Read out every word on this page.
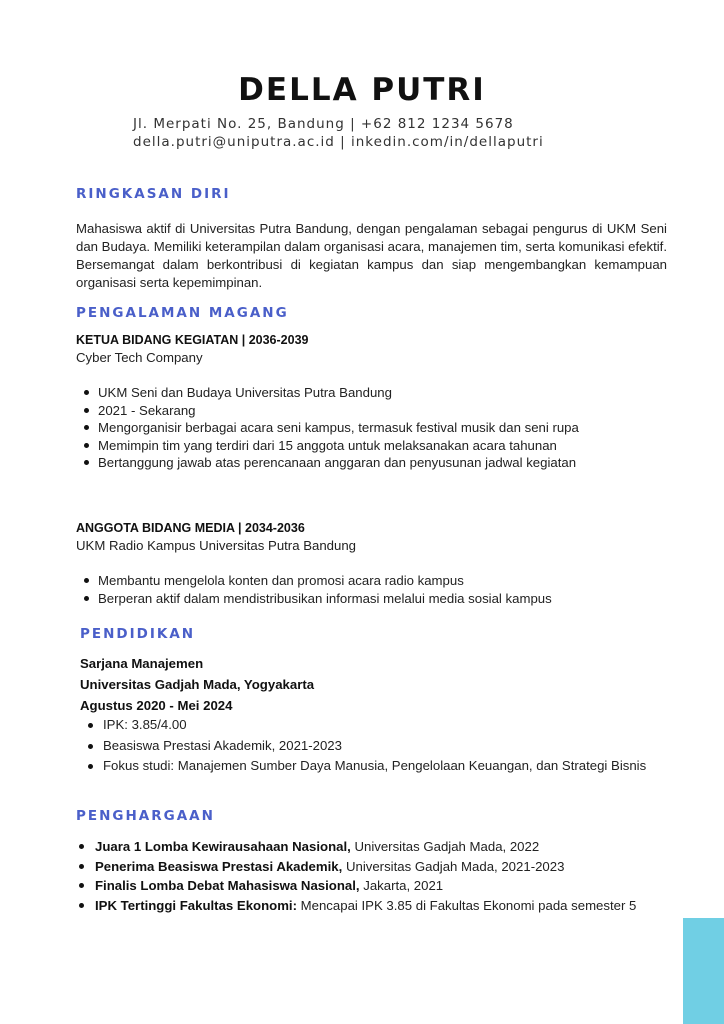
DELLA PUTRI
Jl. Merpati No. 25, Bandung | +62 812 1234 5678
della.putri@uniputra.ac.id | inkedin.com/in/dellaputri
RINGKASAN DIRI
Mahasiswa aktif di Universitas Putra Bandung, dengan pengalaman sebagai pengurus di UKM Seni dan Budaya. Memiliki keterampilan dalam organisasi acara, manajemen tim, serta komunikasi efektif. Bersemangat dalam berkontribusi di kegiatan kampus dan siap mengembangkan kemampuan organisasi serta kepemimpinan.
PENGALAMAN MAGANG
KETUA BIDANG KEGIATAN | 2036-2039
Cyber Tech Company
UKM Seni dan Budaya Universitas Putra Bandung
2021 - Sekarang
Mengorganisir berbagai acara seni kampus, termasuk festival musik dan seni rupa
Memimpin tim yang terdiri dari 15 anggota untuk melaksanakan acara tahunan
Bertanggung jawab atas perencanaan anggaran dan penyusunan jadwal kegiatan
ANGGOTA BIDANG MEDIA | 2034-2036
UKM Radio Kampus Universitas Putra Bandung
Membantu mengelola konten dan promosi acara radio kampus
Berperan aktif dalam mendistribusikan informasi melalui media sosial kampus
PENDIDIKAN
Sarjana Manajemen
Universitas Gadjah Mada, Yogyakarta
Agustus 2020 - Mei 2024
IPK: 3.85/4.00
Beasiswa Prestasi Akademik, 2021-2023
Fokus studi: Manajemen Sumber Daya Manusia, Pengelolaan Keuangan, dan Strategi Bisnis
PENGHARGAAN
Juara 1 Lomba Kewirausahaan Nasional, Universitas Gadjah Mada, 2022
Penerima Beasiswa Prestasi Akademik, Universitas Gadjah Mada, 2021-2023
Finalis Lomba Debat Mahasiswa Nasional, Jakarta, 2021
IPK Tertinggi Fakultas Ekonomi: Mencapai IPK 3.85 di Fakultas Ekonomi pada semester 5
